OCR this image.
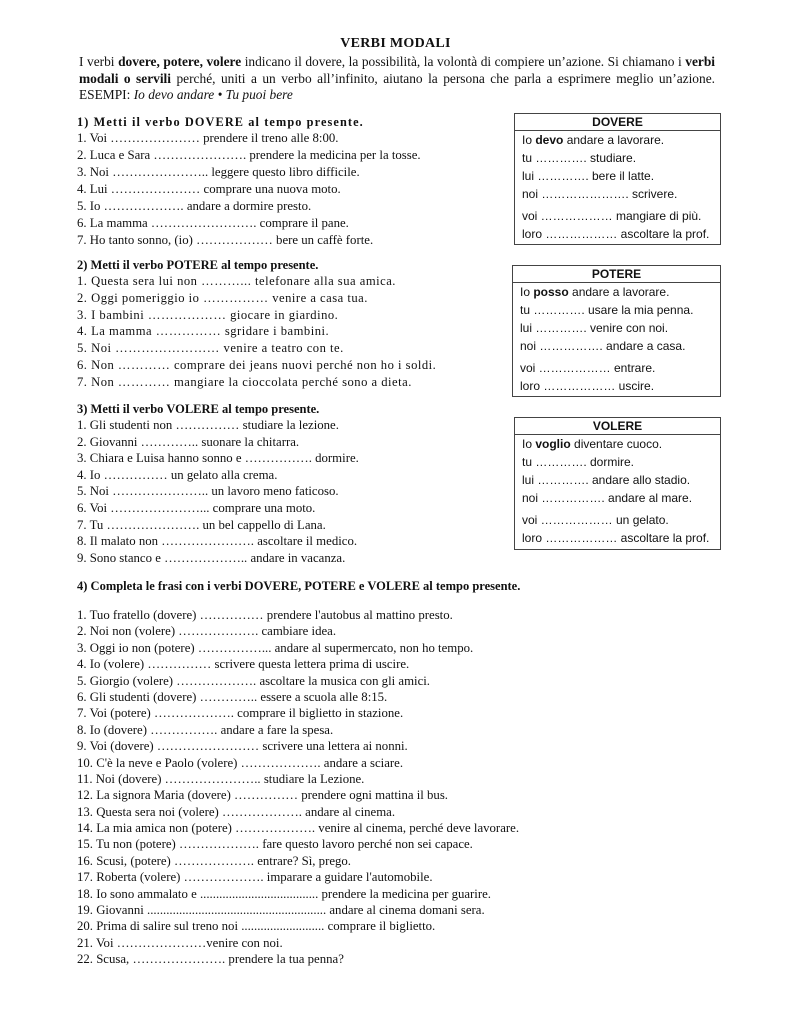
VERBI MODALI
I verbi dovere, potere, volere indicano il dovere, la possibilità, la volontà di compiere un’azione. Si chiamano i verbi modali o servili perché, uniti a un verbo all’infinito, aiutano la persona che parla a esprimere meglio un’azione. ESEMPI: Io devo andare • Tu puoi bere
1) Metti il verbo DOVERE al tempo presente.
1. Voi ………………… prendere il treno alle 8:00.
2. Luca e Sara …………………. prendere la medicina per la tosse.
3. Noi ………………….. leggere questo libro difficile.
4. Lui ………………… comprare una nuova moto.
5. Io ………………. andare a dormire presto.
6. La mamma ……………………. comprare il pane.
7. Ho tanto sonno, (io) ……………… bere un caffè forte.
2) Metti il verbo POTERE al tempo presente.
1. Questa sera lui non ………... telefonare alla sua amica.
2. Oggi pomeriggio io …………… venire a casa tua.
3. I bambini ……………… giocare in giardino.
4. La mamma …………… sgridare i bambini.
5. Noi …………………… venire a teatro con te.
6. Non ………… comprare dei jeans nuovi perché non ho i soldi.
7. Non ………… mangiare la cioccolata perché sono a dieta.
3) Metti il verbo VOLERE al tempo presente.
1. Gli studenti non …………… studiare la lezione.
2. Giovanni ………….. suonare la chitarra.
3. Chiara e Luisa hanno sonno e ……………. dormire.
4. Io …………… un gelato alla crema.
5. Noi ………………….. un lavoro meno faticoso.
6. Voi …………………... comprare una moto.
7. Tu …………………. un bel cappello di Lana.
8. Il malato non …………………. ascoltare il medico.
9. Sono stanco e ……………….. andare in vacanza.
4) Completa le frasi con i verbi DOVERE, POTERE e VOLERE al tempo presente.
1. Tuo fratello (dovere) …………… prendere l'autobus al mattino presto.
2. Noi non (volere) ………………. cambiare idea.
3. Oggi io non (potere) ……………... andare al supermercato, non ho tempo.
4. Io (volere) …………… scrivere questa lettera prima di uscire.
5. Giorgio (volere) ………………. ascoltare la musica con gli amici.
6. Gli studenti (dovere) ………….. essere a scuola alle 8:15.
7. Voi (potere) ………………. comprare il biglietto in stazione.
8. Io (dovere) ……………. andare a fare la spesa.
9. Voi (dovere) …………………… scrivere una lettera ai nonni.
10. C'è la neve e Paolo (volere) ………………. andare a sciare.
11. Noi (dovere) ………………….. studiare la Lezione.
12. La signora Maria (dovere) …………… prendere ogni mattina il bus.
13. Questa sera noi (volere) ………………. andare al cinema.
14. La mia amica non (potere) ………………. venire al cinema, perché deve lavorare.
15. Tu non (potere) ………………. fare questo lavoro perché non sei capace.
16. Scusi, (potere) ………………. entrare? Sì, prego.
17. Roberta (volere) ………………. imparare a guidare l'automobile.
18. Io sono ammalato e ..................................... prendere la medicina per guarire.
19. Giovanni ........................................................ andare al cinema domani sera.
20. Prima di salire sul treno noi .......................... comprare il biglietto.
21. Voi …………………venire con noi.
22. Scusa, …………………. prendere la tua penna?
DOVERE
Io devo andare a lavorare.
tu …………. studiare.
lui …………. bere il latte.
noi …………………. scrivere.
voi ……………… mangiare di più.
loro ……………… ascoltare la prof.
POTERE
Io posso andare a lavorare.
tu …………. usare la mia penna.
lui …………. venire con noi.
noi ……………. andare a casa.
voi ……………… entrare.
loro ……………… uscire.
VOLERE
Io voglio diventare cuoco.
tu …………. dormire.
lui …………. andare allo stadio.
noi ……………. andare al mare.
voi ……………… un gelato.
loro ……………… ascoltare la prof.
